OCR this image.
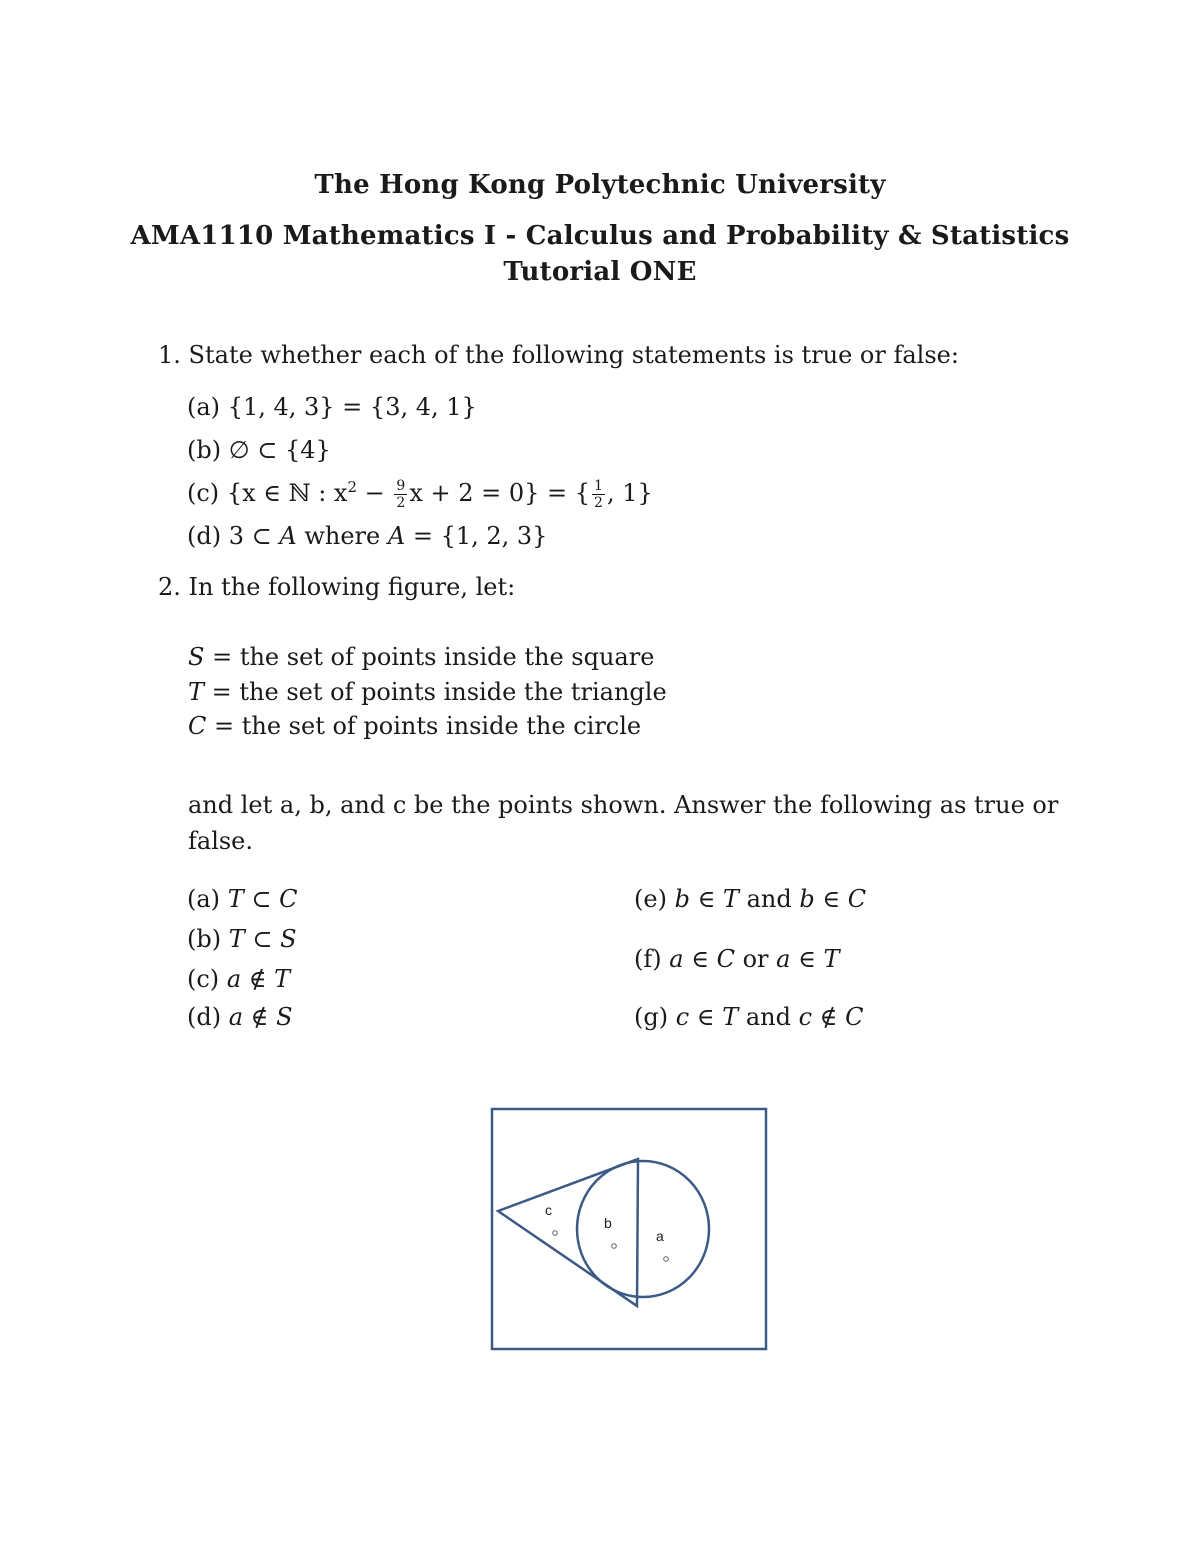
The Hong Kong Polytechnic University
AMA1110 Mathematics I - Calculus and Probability & Statistics
Tutorial ONE
1. State whether each of the following statements is true or false:
(a) {1, 4, 3} = {3, 4, 1}
(b) ∅ ⊂ {4}
(c) {x ∈ ℕ : $x^2 - \frac{9}{2}$ x + 2 = 0} = { $\frac{1}{2}$ , 1}
(d) 3 ⊂ A where A = {1, 2, 3}
2. In the following figure, let:
S = the set of points inside the square
T = the set of points inside the triangle
C = the set of points inside the circle
and let a, b, and c be the points shown. Answer the following as true or
false.
(a) T ⊂ C
(b) T ⊂ S
(c) a ∉ T
(d) a ∉ S
(e) b ∈ T and b ∈ C
(f) a ∈ C or a ∈ T
(g) c ∈ T and c ∉ C
c
b
a
